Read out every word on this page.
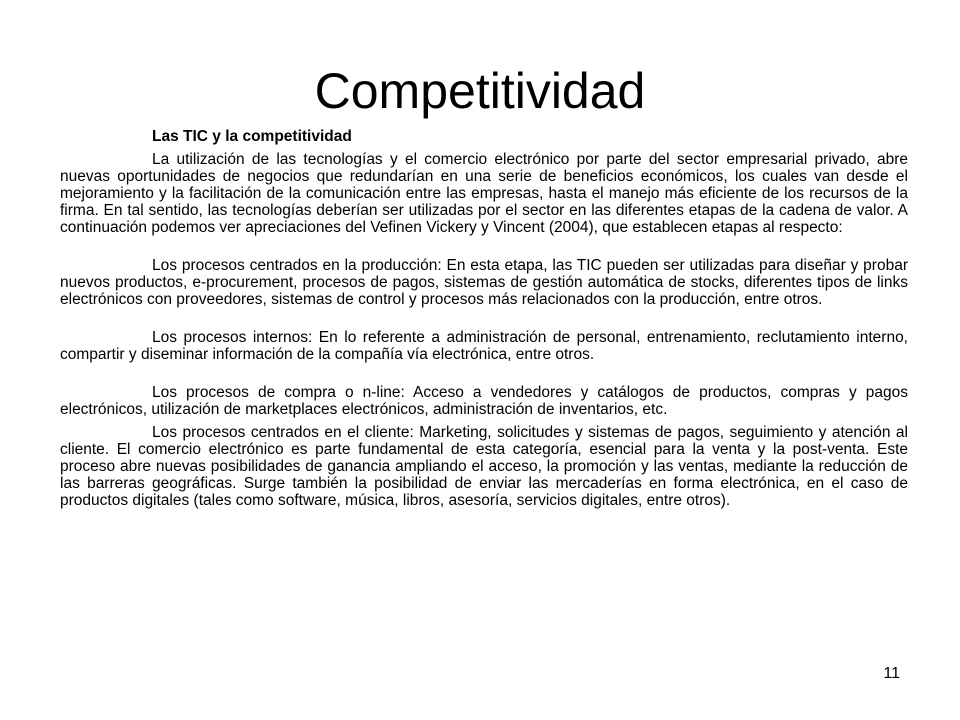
Competitividad

Las TIC y la competitividad

La utilización de las tecnologías y el comercio electrónico por parte del sector empresarial privado, abre nuevas oportunidades de negocios que redundarían en una serie de beneficios económicos, los cuales van desde el mejoramiento y la facilitación de la comunicación entre las empresas, hasta el manejo más eficiente de los recursos de la firma. En tal sentido, las tecnologías deberían ser utilizadas por el sector en las diferentes etapas de la cadena de valor. A continuación podemos ver apreciaciones del Vefinen Vickery y Vincent (2004), que establecen etapas al respecto:

Los procesos centrados en la producción: En esta etapa, las TIC pueden ser utilizadas para diseñar y probar nuevos productos, e-procurement, procesos de pagos, sistemas de gestión automática de stocks, diferentes tipos de links electrónicos con proveedores, sistemas de control y procesos más relacionados con la producción, entre otros.

Los procesos internos: En lo referente a administración de personal, entrenamiento, reclutamiento interno, compartir y diseminar información de la compañía vía electrónica, entre otros.

Los procesos de compra o n-line: Acceso a vendedores y catálogos de productos, compras y pagos electrónicos, utilización de marketplaces electrónicos, administración de inventarios, etc.

Los procesos centrados en el cliente: Marketing, solicitudes y sistemas de pagos, seguimiento y atención al cliente. El comercio electrónico es parte fundamental de esta categoría, esencial para la venta y la post-venta. Este proceso abre nuevas posibilidades de ganancia ampliando el acceso, la promoción y las ventas, mediante la reducción de las barreras geográficas. Surge también la posibilidad de enviar las mercaderías en forma electrónica, en el caso de productos digitales (tales como software, música, libros, asesoría, servicios digitales, entre otros).

11
